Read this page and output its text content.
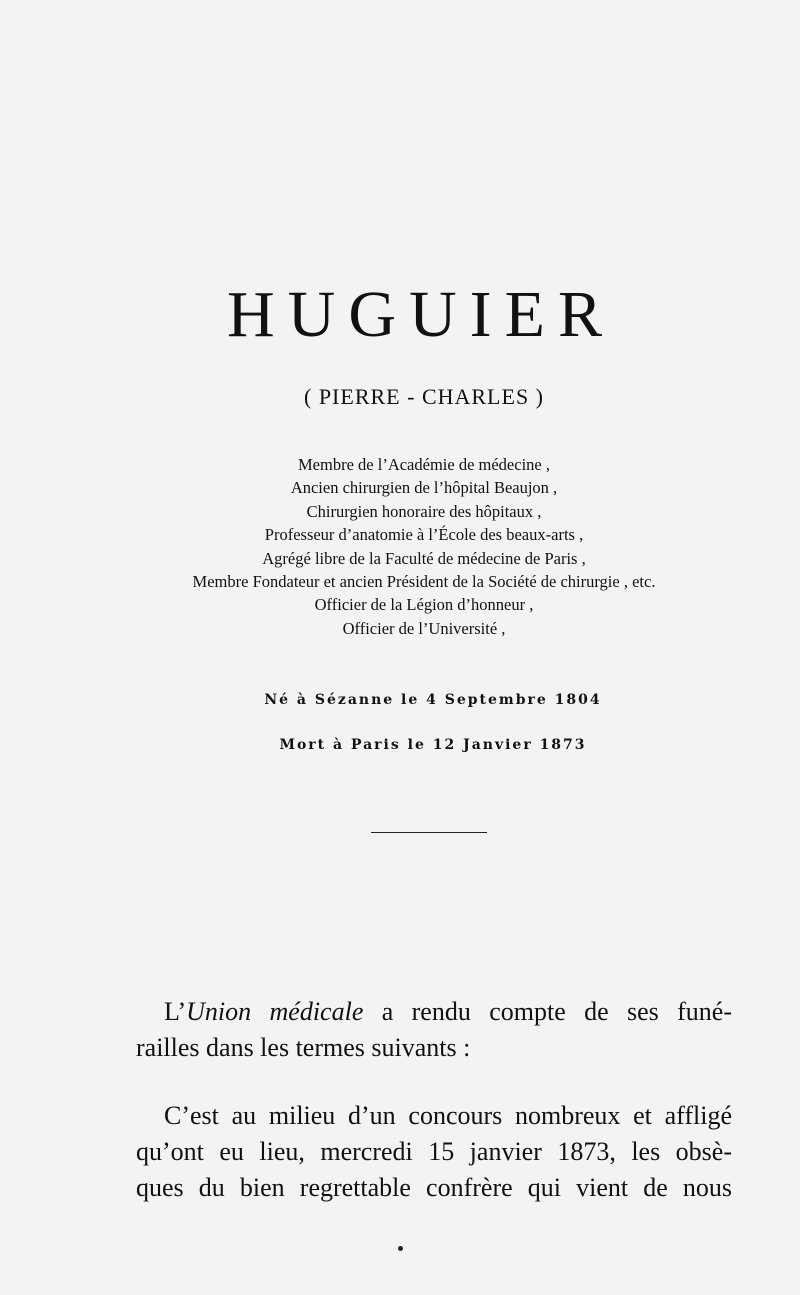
HUGUIER
( PIERRE - CHARLES )
Membre de l’Académie de médecine ,
Ancien chirurgien de l’hôpital Beaujon ,
Chirurgien honoraire des hôpitaux ,
Professeur d’anatomie à l’École des beaux-arts ,
Agrégé libre de la Faculté de médecine de Paris ,
Membre Fondateur et ancien Président de la Société de chirurgie , etc.
Officier de la Légion d’honneur ,
Officier de l’Université ,
Né à Sézanne le 4 Septembre 1804
Mort à Paris le 12 Janvier 1873
L’Union médicale a rendu compte de ses funé-
railles dans les termes suivants :
C’est au milieu d’un concours nombreux et affligé
qu’ont eu lieu, mercredi 15 janvier 1873, les obsè-
ques du bien regrettable confrère qui vient de nous
